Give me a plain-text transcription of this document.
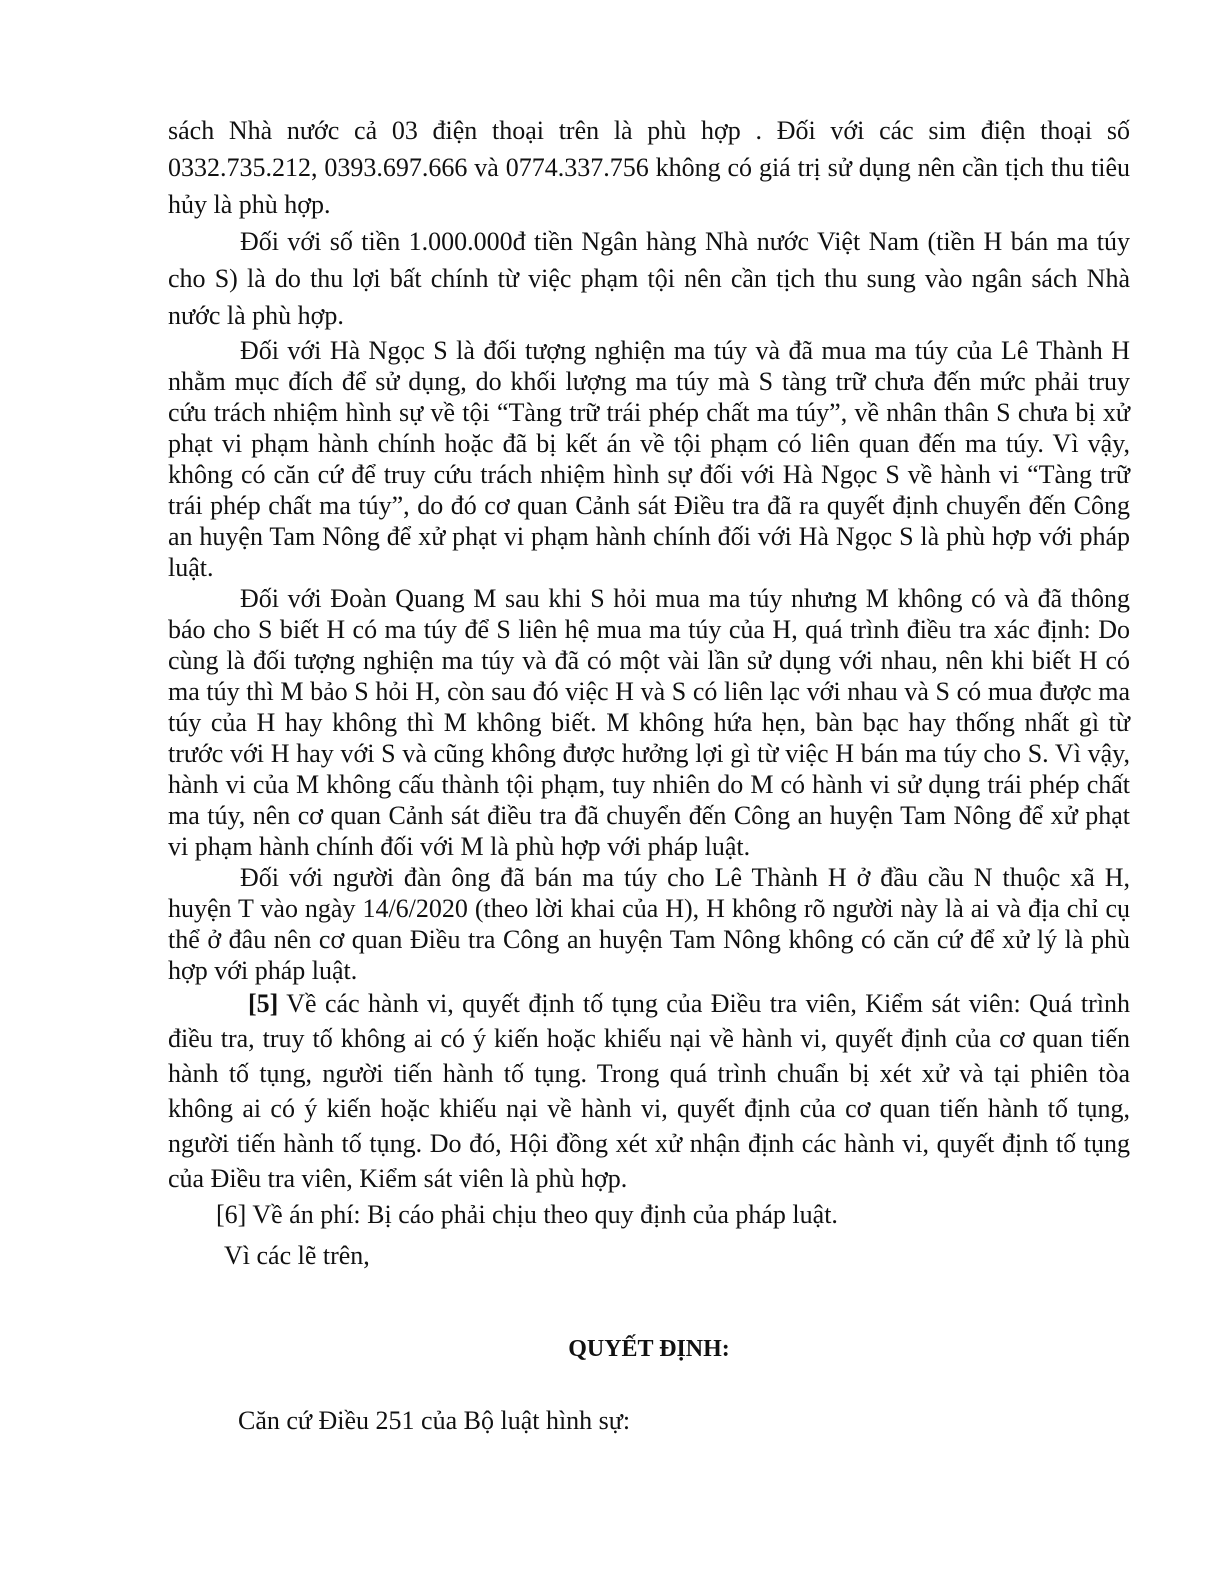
sách Nhà nước cả 03 điện thoại trên là phù hợp . Đối với các sim điện thoại số 0332.735.212, 0393.697.666 và 0774.337.756 không có giá trị sử dụng nên cần tịch thu tiêu hủy là phù hợp.

Đối với số tiền 1.000.000đ tiền Ngân hàng Nhà nước Việt Nam (tiền H bán ma túy cho S) là do thu lợi bất chính từ việc phạm tội nên cần tịch thu sung vào ngân sách Nhà nước là phù hợp.

Đối với Hà Ngọc S là đối tượng nghiện ma túy và đã mua ma túy của Lê Thành H nhằm mục đích để sử dụng, do khối lượng ma túy mà S tàng trữ chưa đến mức phải truy cứu trách nhiệm hình sự về tội “Tàng trữ trái phép chất ma túy”, về nhân thân S chưa bị xử phạt vi phạm hành chính hoặc đã bị kết án về tội phạm có liên quan đến ma túy. Vì vậy, không có căn cứ để truy cứu trách nhiệm hình sự đối với Hà Ngọc S về hành vi “Tàng trữ trái phép chất ma túy”, do đó cơ quan Cảnh sát Điều tra đã ra quyết định chuyển đến Công an huyện Tam Nông để xử phạt vi phạm hành chính đối với Hà Ngọc S là phù hợp với pháp luật.

Đối với Đoàn Quang M sau khi S hỏi mua ma túy nhưng M không có và đã thông báo cho S biết H có ma túy để S liên hệ mua ma túy của H, quá trình điều tra xác định: Do cùng là đối tượng nghiện ma túy và đã có một vài lần sử dụng với nhau, nên khi biết H có ma túy thì M bảo S hỏi H, còn sau đó việc H và S có liên lạc với nhau và S có mua được ma túy của H hay không thì M không biết. M không hứa hẹn, bàn bạc hay thống nhất gì từ trước với H hay với S và cũng không được hưởng lợi gì từ việc H bán ma túy cho S. Vì vậy, hành vi của M không cấu thành tội phạm, tuy nhiên do M có hành vi sử dụng trái phép chất ma túy, nên cơ quan Cảnh sát điều tra đã chuyển đến Công an huyện Tam Nông để xử phạt vi phạm hành chính đối với M là phù hợp với pháp luật.

Đối với người đàn ông đã bán ma túy cho Lê Thành H ở đầu cầu N thuộc xã H, huyện T vào ngày 14/6/2020 (theo lời khai của H), H không rõ người này là ai và địa chỉ cụ thể ở đâu nên cơ quan Điều tra Công an huyện Tam Nông không có căn cứ để xử lý là phù hợp với pháp luật.

[5] Về các hành vi, quyết định tố tụng của Điều tra viên, Kiểm sát viên: Quá trình điều tra, truy tố không ai có ý kiến hoặc khiếu nại về hành vi, quyết định của cơ quan tiến hành tố tụng, người tiến hành tố tụng. Trong quá trình chuẩn bị xét xử và tại phiên tòa không ai có ý kiến hoặc khiếu nại về hành vi, quyết định của cơ quan tiến hành tố tụng, người tiến hành tố tụng. Do đó, Hội đồng xét xử nhận định các hành vi, quyết định tố tụng của Điều tra viên, Kiểm sát viên là phù hợp.

[6] Về án phí: Bị cáo phải chịu theo quy định của pháp luật.

Vì các lẽ trên,

QUYẾT ĐỊNH:

Căn cứ Điều 251 của Bộ luật hình sự:
